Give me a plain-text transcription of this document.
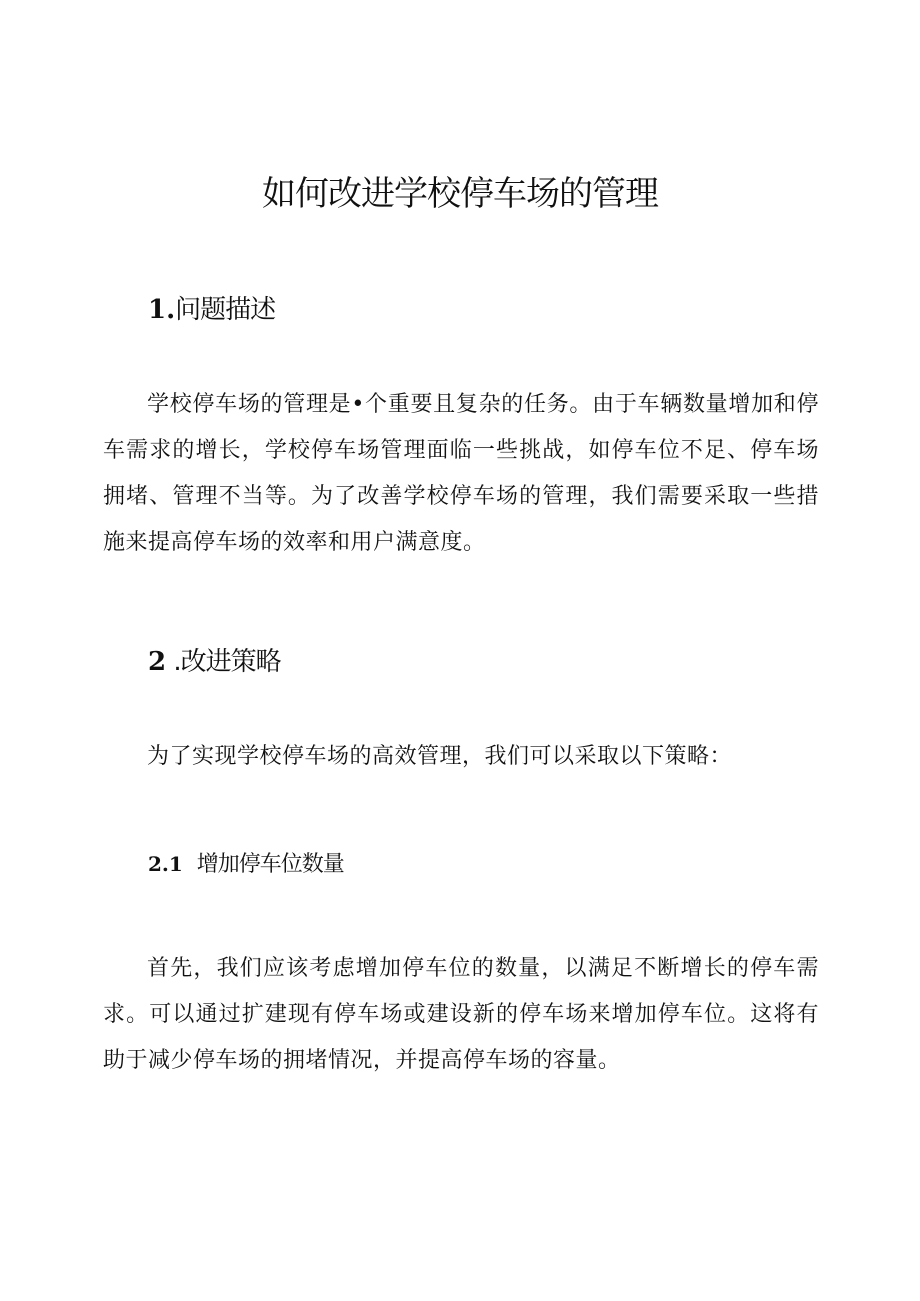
如何改进学校停车场的管理
1.问题描述
学校停车场的管理是•个重要且复杂的任务。由于车辆数量增加和停车需求的增长，学校停车场管理面临一些挑战，如停车位不足、停车场拥堵、管理不当等。为了改善学校停车场的管理，我们需要采取一些措施来提高停车场的效率和用户满意度。
2 .改进策略
为了实现学校停车场的高效管理，我们可以采取以下策略：
2.1 增加停车位数量
首先，我们应该考虑增加停车位的数量，以满足不断增长的停车需求。可以通过扩建现有停车场或建设新的停车场来增加停车位。这将有助于减少停车场的拥堵情况，并提高停车场的容量。
